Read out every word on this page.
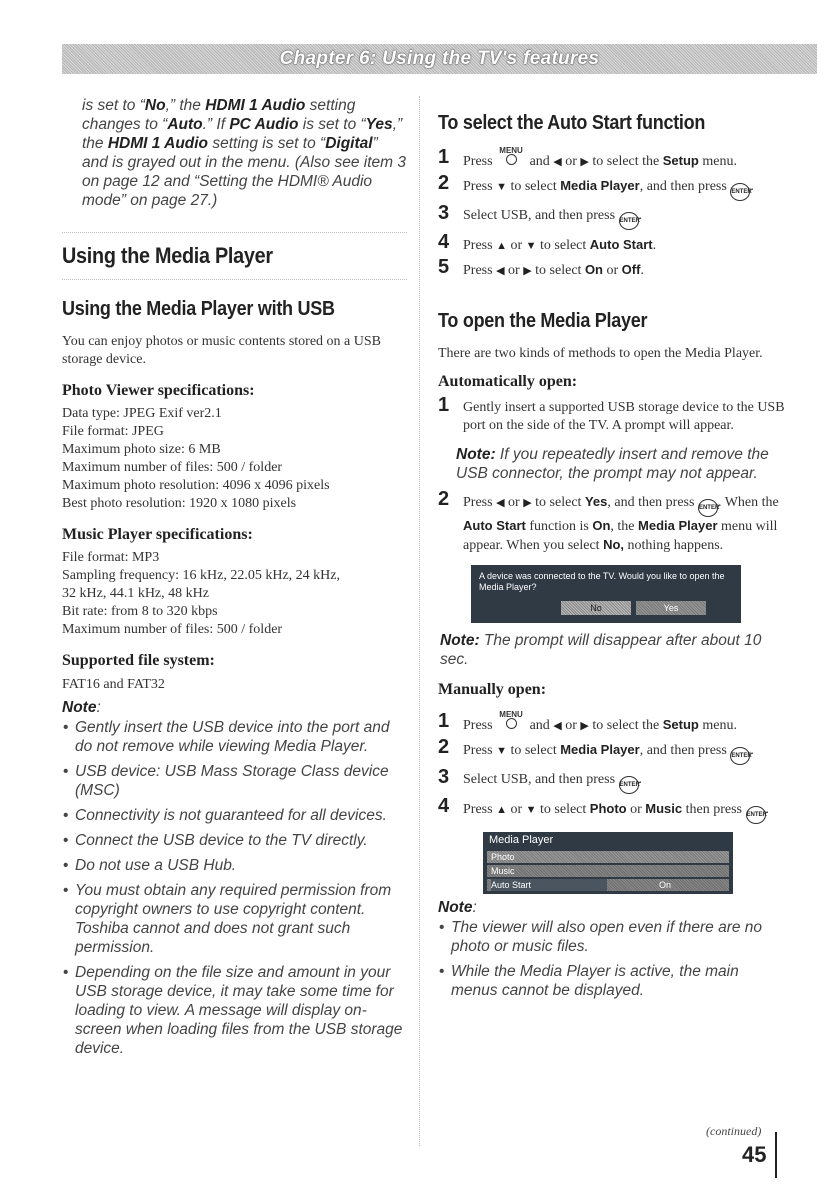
Chapter 6: Using the TV's features

is set to “No,” the HDMI 1 Audio setting changes to “Auto.” If PC Audio is set to “Yes,” the HDMI 1 Audio setting is set to “Digital” and is grayed out in the menu. (Also see item 3 on page 12 and “Setting the HDMI® Audio mode” on page 27.)

Using the Media Player
Using the Media Player with USB

You can enjoy photos or music contents stored on a USB storage device.

Photo Viewer specifications:

Data type: JPEG Exif ver2.1

File format: JPEG

Maximum photo size: 6 MB

Maximum number of files: 500 / folder

Maximum photo resolution: 4096 x 4096 pixels

Best photo resolution: 1920 x 1080 pixels

Music Player specifications:

File format: MP3

Sampling frequency: 16 kHz, 22.05 kHz, 24 kHz,

32 kHz, 44.1 kHz, 48 kHz

Bit rate: from 8 to 320 kbps

Maximum number of files: 500 / folder

Supported file system:

FAT16 and FAT32

Note:

• Gently insert the USB device into the port and do not remove while viewing Media Player.

• USB device: USB Mass Storage Class device (MSC)

• Connectivity is not guaranteed for all devices.

• Connect the USB device to the TV directly.

• Do not use a USB Hub.

• You must obtain any required permission from copyright owners to use copyright content. Toshiba cannot and does not grant such permission.

• Depending on the file size and amount in your USB storage device, it may take some time for loading to view. A message will display on-screen when loading files from the USB storage device.

To select the Auto Start function

1 Press
MENU
and ◀ or ▶ to select the Setup menu.

2 Press ▼ to select Media Player, and then press ENTER.

3 Select USB, and then press ENTER.

4 Press ▲ or ▼ to select Auto Start.

5 Press ◀ or ▶ to select On or Off.

To open the Media Player

There are two kinds of methods to open the Media Player.

Automatically open:

1 Gently insert a supported USB storage device to the USB port on the side of the TV. A prompt will appear.

Note: If you repeatedly insert and remove the USB connector, the prompt may not appear.

2 Press ◀ or ▶ to select Yes, and then press ENTER. When the Auto Start function is On, the Media Player menu will appear. When you select No, nothing happens.

A device was connected to the TV. Would you like to open the Media Player?
No	Yes

Note: The prompt will disappear after about 10 sec.

Manually open:

1 Press
MENU
and ◀ or ▶ to select the Setup menu.

2 Press ▼ to select Media Player, and then press ENTER.

3 Select USB, and then press ENTER.

4 Press ▲ or ▼ to select Photo or Music then press ENTER.

Media Player
Photo
Music
Auto Start	On

Note:

• The viewer will also open even if there are no photo or music files.

• While the Media Player is active, the main menus cannot be displayed.

(continued)
45
